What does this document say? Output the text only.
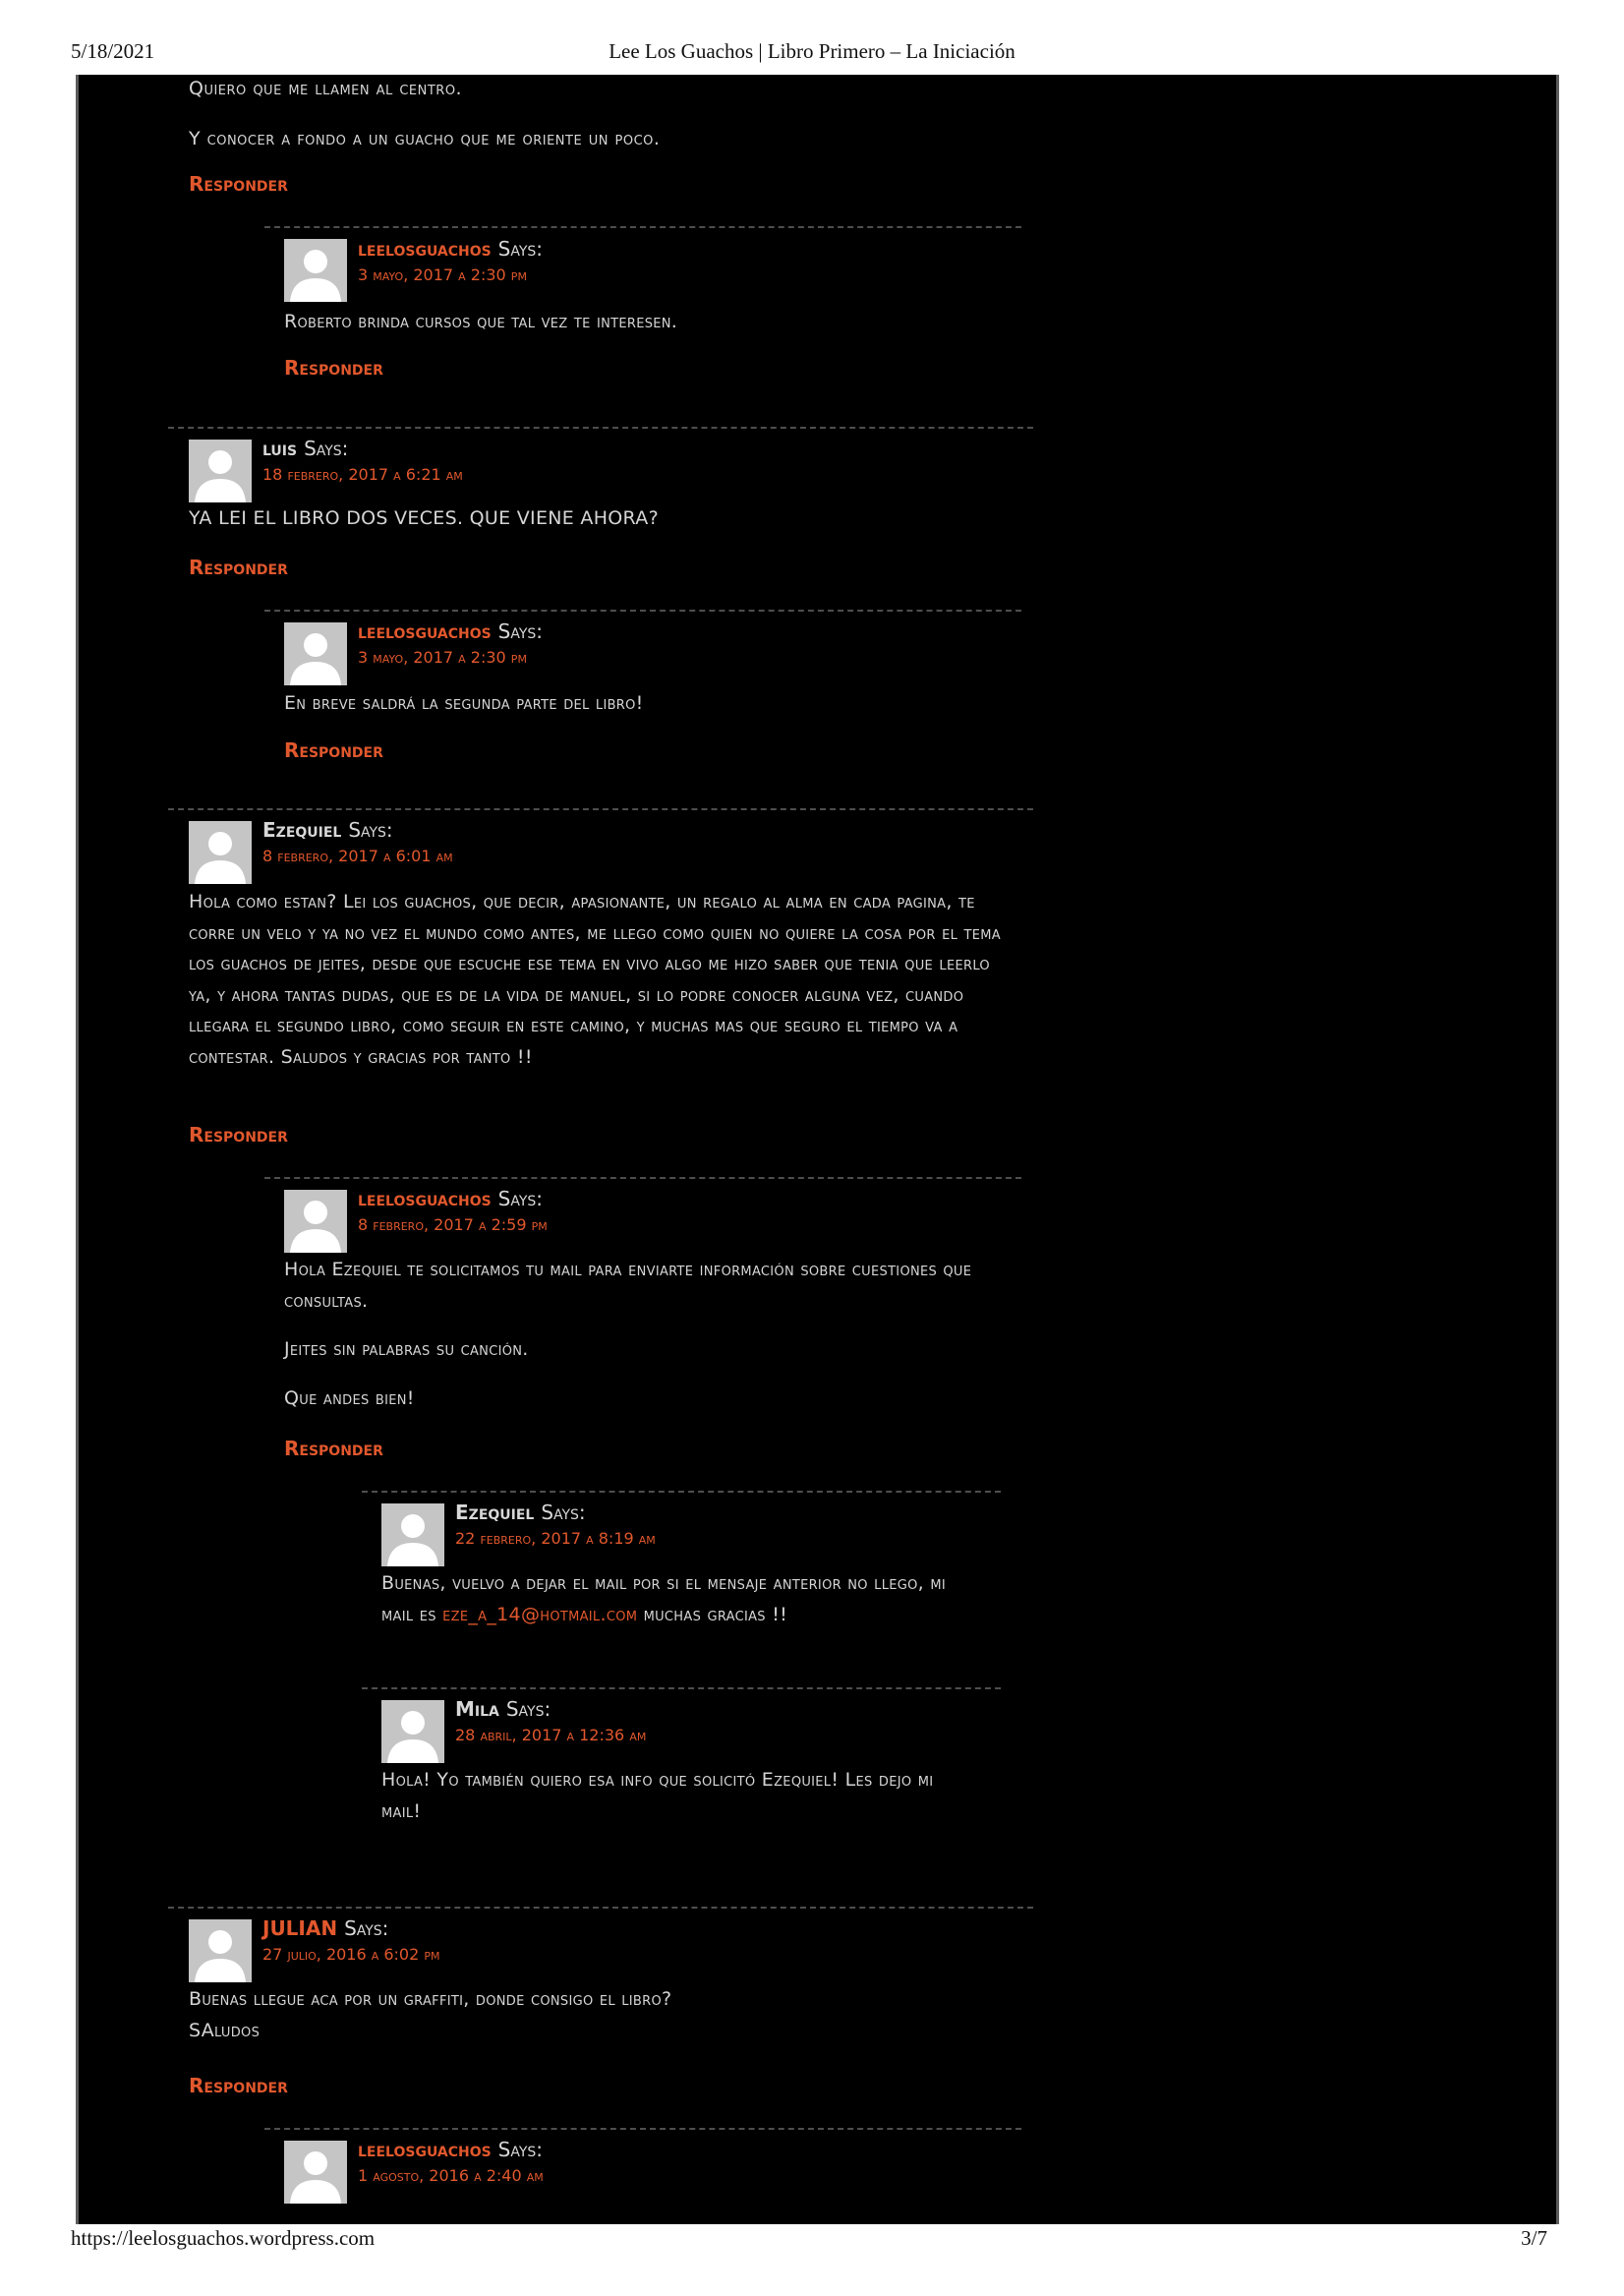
5/18/2021	Lee Los Guachos | Libro Primero – La Iniciación
Quiero que me llamen al centro.
Y conocer a fondo a un guacho que me oriente un poco.
Responder
leelosguachos Says:
3 mayo, 2017 a 2:30 pm
Roberto brinda cursos que tal vez te interesen.
Responder
luis Says:
18 febrero, 2017 a 6:21 am
YA LEI EL LIBRO DOS VECES. QUE VIENE AHORA?
Responder
leelosguachos Says:
3 mayo, 2017 a 2:30 pm
En breve saldrá la segunda parte del libro!
Responder
Ezequiel Says:
8 febrero, 2017 a 6:01 am
Hola como estan? Lei los guachos, que decir, apasionante, un regalo al alma en cada pagina, te corre un velo y ya no vez el mundo como antes, me llego como quien no quiere la cosa por el tema los guachos de jeites, desde que escuche ese tema en vivo algo me hizo saber que tenia que leerlo ya, y ahora tantas dudas, que es de la vida de manuel, si lo podre conocer alguna vez, cuando llegara el segundo libro, como seguir en este camino, y muchas mas que seguro el tiempo va a contestar. Saludos y gracias por tanto !!
Responder
leelosguachos Says:
8 febrero, 2017 a 2:59 pm

Hola Ezequiel te solicitamos tu mail para enviarte información sobre cuestiones que consultas.

Jeites sin palabras su canción.

Que andes bien!

Responder
Ezequiel Says:
22 febrero, 2017 a 8:19 am
Buenas, vuelvo a dejar el mail por si el mensaje anterior no llego, mi mail es eze_a_14@hotmail.com muchas gracias !!
Mila Says:
28 abril, 2017 a 12:36 am
Hola! Yo también quiero esa info que solicitó Ezequiel! Les dejo mi mail!
JULIAN Says:
27 julio, 2016 a 6:02 pm

Buenas llegue aca por un graffiti, donde consigo el libro?

SAludos

Responder
leelosguachos Says:
1 agosto, 2016 a 2:40 am
https://leelosguachos.wordpress.com	3/7
